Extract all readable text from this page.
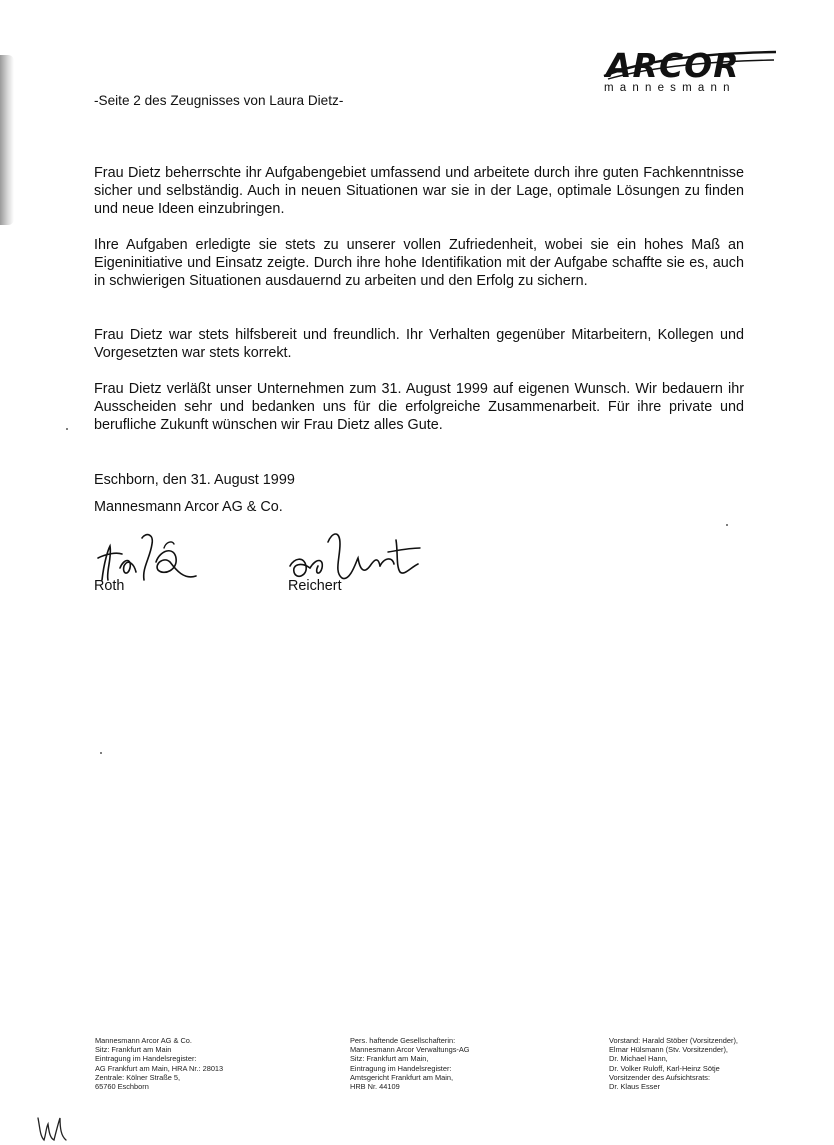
ARCOR
mannesmann
-Seite 2 des Zeugnisses von Laura Dietz-

Frau Dietz beherrschte ihr Aufgabengebiet umfassend und arbeitete durch ihre guten Fachkenntnisse sicher und selbständig. Auch in neuen Situationen war sie in der Lage, optimale Lösungen zu finden und neue Ideen einzubringen.

Ihre Aufgaben erledigte sie stets zu unserer vollen Zufriedenheit, wobei sie ein hohes Maß an Eigeninitiative und Einsatz zeigte. Durch ihre hohe Identifikation mit der Aufgabe schaffte sie es, auch in schwierigen Situationen ausdauernd zu arbeiten und den Erfolg zu sichern.

Frau Dietz war stets hilfsbereit und freundlich. Ihr Verhalten gegenüber Mitarbeitern, Kollegen und Vorgesetzten war stets korrekt.

Frau Dietz verläßt unser Unternehmen zum 31. August 1999 auf eigenen Wunsch. Wir bedauern ihr Ausscheiden sehr und bedanken uns für die erfolgreiche Zusammenarbeit. Für ihre private und berufliche Zukunft wünschen wir Frau Dietz alles Gute.

Eschborn, den 31. August 1999
Mannesmann Arcor AG & Co.
Roth	Reichert
Mannesmann Arcor AG & Co.
Sitz: Frankfurt am Main
Eintragung im Handelsregister:
AG Frankfurt am Main, HRA Nr.: 28013
Zentrale: Kölner Straße 5,
65760 Eschborn
Pers. haftende Gesellschafterin:
Mannesmann Arcor Verwaltungs-AG
Sitz: Frankfurt am Main,
Eintragung im Handelsregister:
Amtsgericht Frankfurt am Main,
HRB Nr. 44109
Vorstand: Harald Stöber (Vorsitzender),
Elmar Hülsmann (Stv. Vorsitzender),
Dr. Michael Hann,
Dr. Volker Ruloff, Karl-Heinz Sötje
Vorsitzender des Aufsichtsrats:
Dr. Klaus Esser
